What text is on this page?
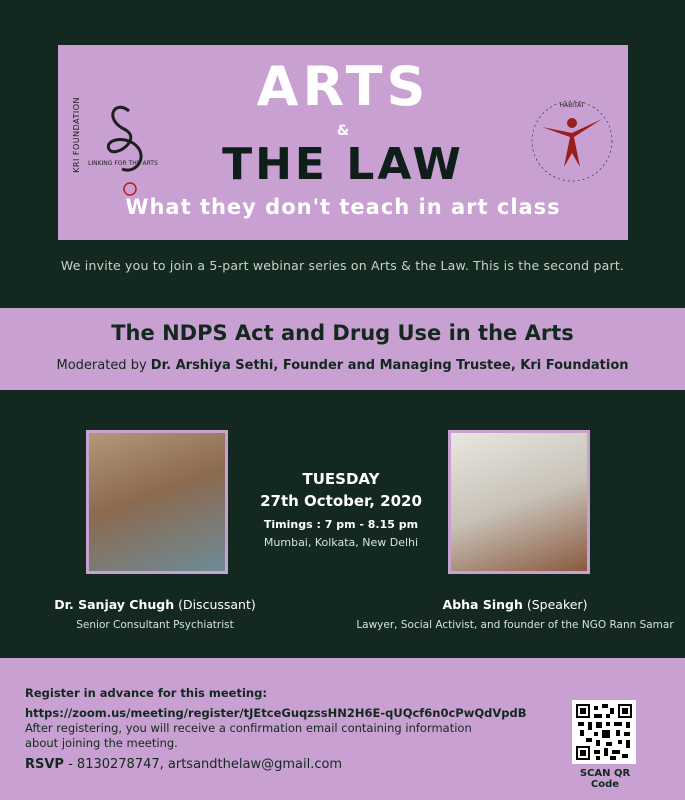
KRI FOUNDATION LINKING FOR THE ARTS
ARTS
&
THE LAW
What they don't teach in art class
HABITAT
We invite you to join a 5-part webinar series on Arts & the Law. This is the second part.
The NDPS Act and Drug Use in the Arts
Moderated by Dr. Arshiya Sethi, Founder and Managing Trustee, Kri Foundation
TUESDAY
27th October, 2020
Timings : 7 pm - 8.15 pm
Mumbai, Kolkata, New Delhi
Dr. Sanjay Chugh (Discussant)
Senior Consultant Psychiatrist
Abha Singh (Speaker)
Lawyer, Social Activist, and founder of the NGO Rann Samar
Register in advance for this meeting:
https://zoom.us/meeting/register/tJEtceGuqzssHN2H6E-qUQcf6n0cPwQdVpdB
After registering, you will receive a confirmation email containing information about joining the meeting.
RSVP - 8130278747, artsandthelaw@gmail.com
SCAN QR Code
